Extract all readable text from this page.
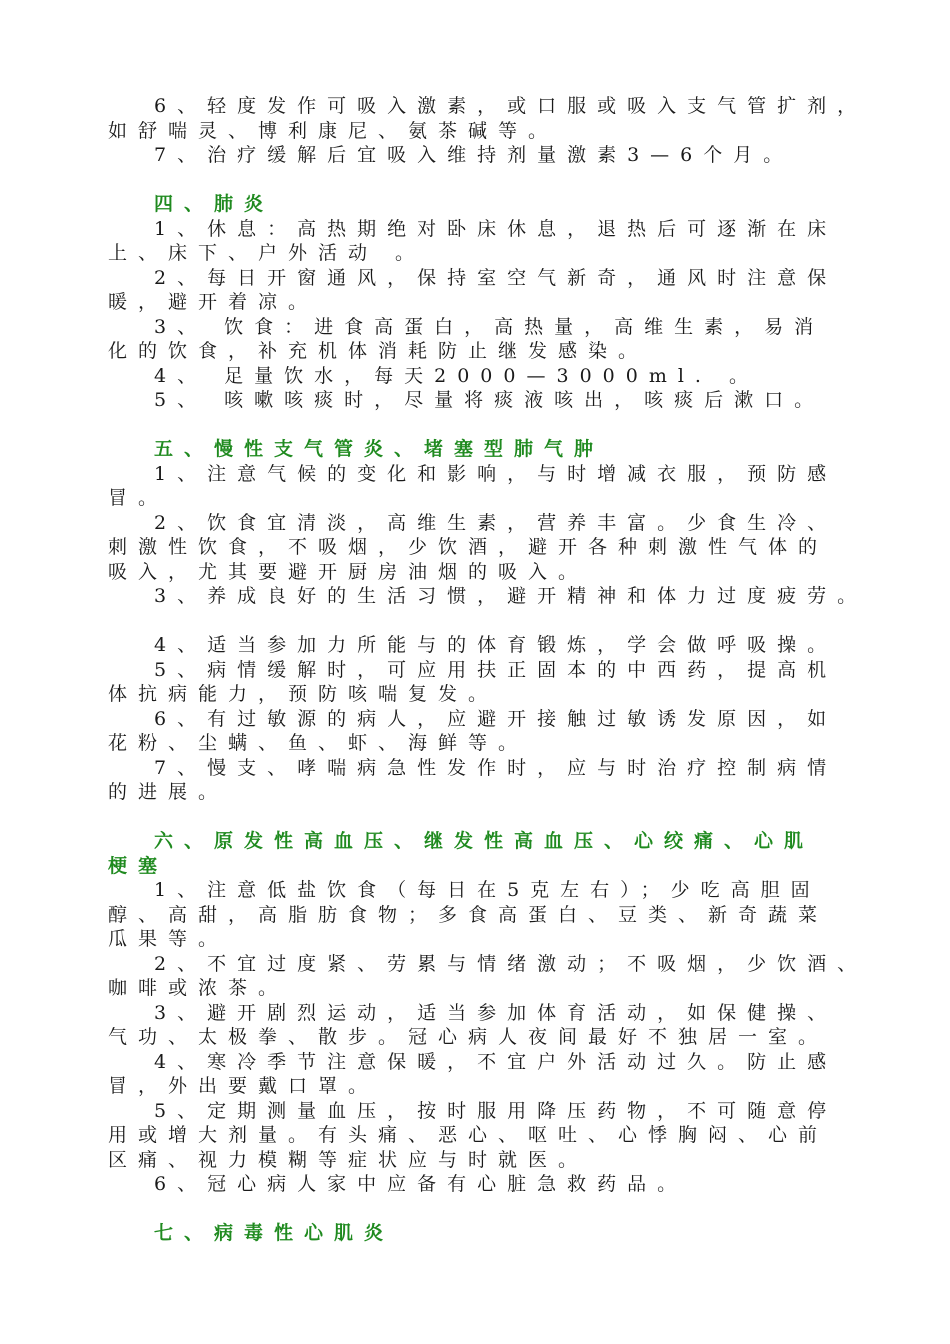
6、轻度发作可吸入激素，或口服或吸入支气管扩剂，
如舒喘灵、博利康尼、氨茶碱等。
7、治疗缓解后宜吸入维持剂量激素3—6个月。
四、肺炎
1、休息：高热期绝对卧床休息，退热后可逐渐在床
上、床下、户外活动 。
2、每日开窗通风，保持室空气新奇，通风时注意保
暖，避开着凉。
3、 饮食：进食高蛋白，高热量，高维生素，易消
化的饮食，补充机体消耗防止继发感染。
4、 足量饮水，每天2000—3000ml. 。
5、 咳嗽咳痰时，尽量将痰液咳出，咳痰后漱口。
五、慢性支气管炎、堵塞型肺气肿
1、注意气候的变化和影响，与时增减衣服，预防感
冒。
2、饮食宜清淡，高维生素，营养丰富。少食生冷、
刺激性饮食，不吸烟，少饮酒，避开各种刺激性气体的
吸入，尤其要避开厨房油烟的吸入。
3、养成良好的生活习惯，避开精神和体力过度疲劳。
4、适当参加力所能与的体育锻炼，学会做呼吸操。
5、病情缓解时，可应用扶正固本的中西药，提高机
体抗病能力，预防咳喘复发。
6、有过敏源的病人，应避开接触过敏诱发原因，如
花粉、尘螨、鱼、虾、海鲜等。
7、慢支、哮喘病急性发作时，应与时治疗控制病情
的进展。
六、原发性高血压、继发性高血压、心绞痛、心肌
梗塞
1、注意低盐饮食（每日在5克左右）；少吃高胆固
醇、高甜，高脂肪食物；多食高蛋白、豆类、新奇蔬菜
瓜果等。
2、不宜过度紧、劳累与情绪激动；不吸烟，少饮酒、
咖啡或浓茶。
3、避开剧烈运动，适当参加体育活动，如保健操、
气功、太极拳、散步。冠心病人夜间最好不独居一室。
4、寒冷季节注意保暖，不宜户外活动过久。防止感
冒，外出要戴口罩。
5、定期测量血压，按时服用降压药物，不可随意停
用或增大剂量。有头痛、恶心、呕吐、心悸胸闷、心前
区痛、视力模糊等症状应与时就医。
6、冠心病人家中应备有心脏急救药品。
七、病毒性心肌炎
